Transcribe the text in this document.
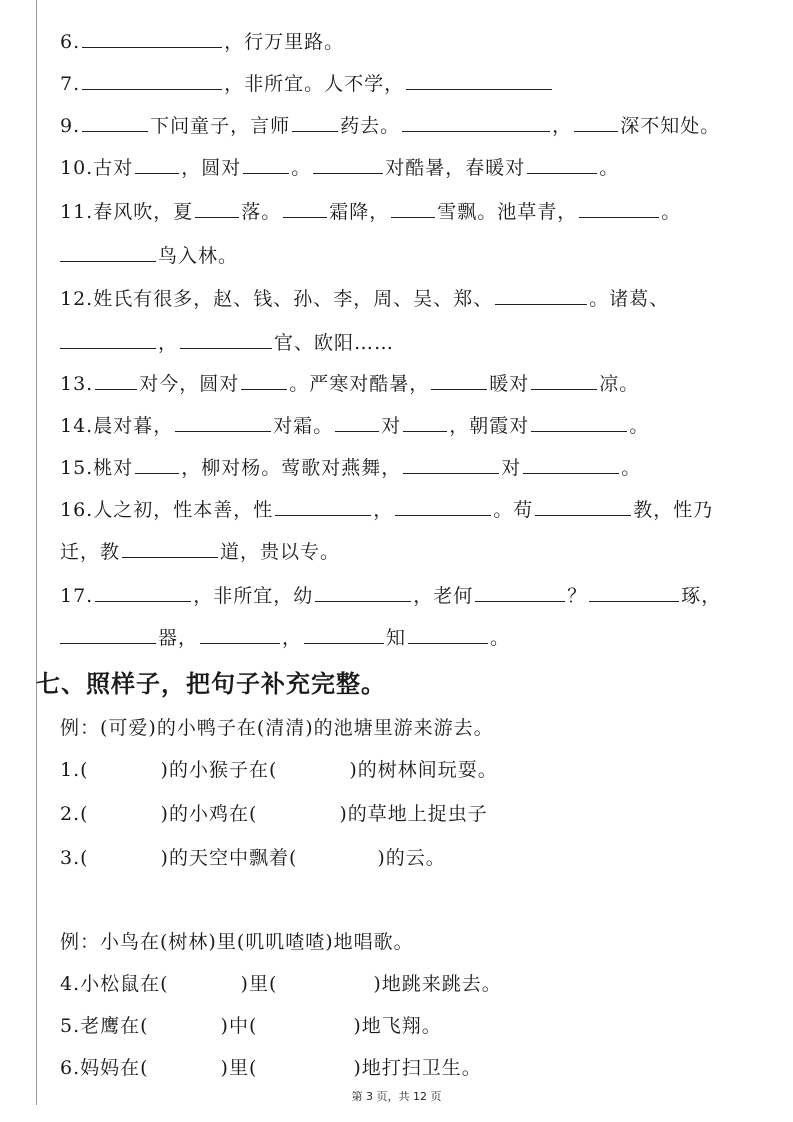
6.	，行万里路。
7.	，非所宜。人不学，
9.	下问童子，言师	药去。	，	深不知处。
10.古对	，圆对	。	对酷暑，春暖对	。
11.春风吹，夏	落。	霜降，	雪飘。池草青，	。
鸟入林。
12.姓氏有很多，赵、钱、孙、李，周、吴、郑、	。诸葛、
，	官、欧阳……
13. 对今，圆对	。严寒对酷暑，	暖对	凉。
14.晨对暮，	对霜。	对	，朝霞对	。
15.桃对	，柳对杨。莺歌对燕舞，	对	。
16.人之初，性本善，性	，	。苟	教，性乃
迁，教	道，贵以专。
17.	，非所宜，幼	，老何	？	琢，
器，	，	知	。
七、照样子，把句子补充完整。
例：(可爱)的小鸭子在(清清)的池塘里游来游去。
1.(	)的小猴子在(	)的树林间玩耍。
2.(	)的小鸡在(	)的草地上捉虫子
3.(	)的天空中飘着(	)的云。
例：小鸟在(树林)里(叽叽喳喳)地唱歌。
4.小松鼠在(	)里(	)地跳来跳去。
5.老鹰在(	)中(	)地飞翔。
6.妈妈在(	)里(	)地打扫卫生。
第 3 页，共 12 页
